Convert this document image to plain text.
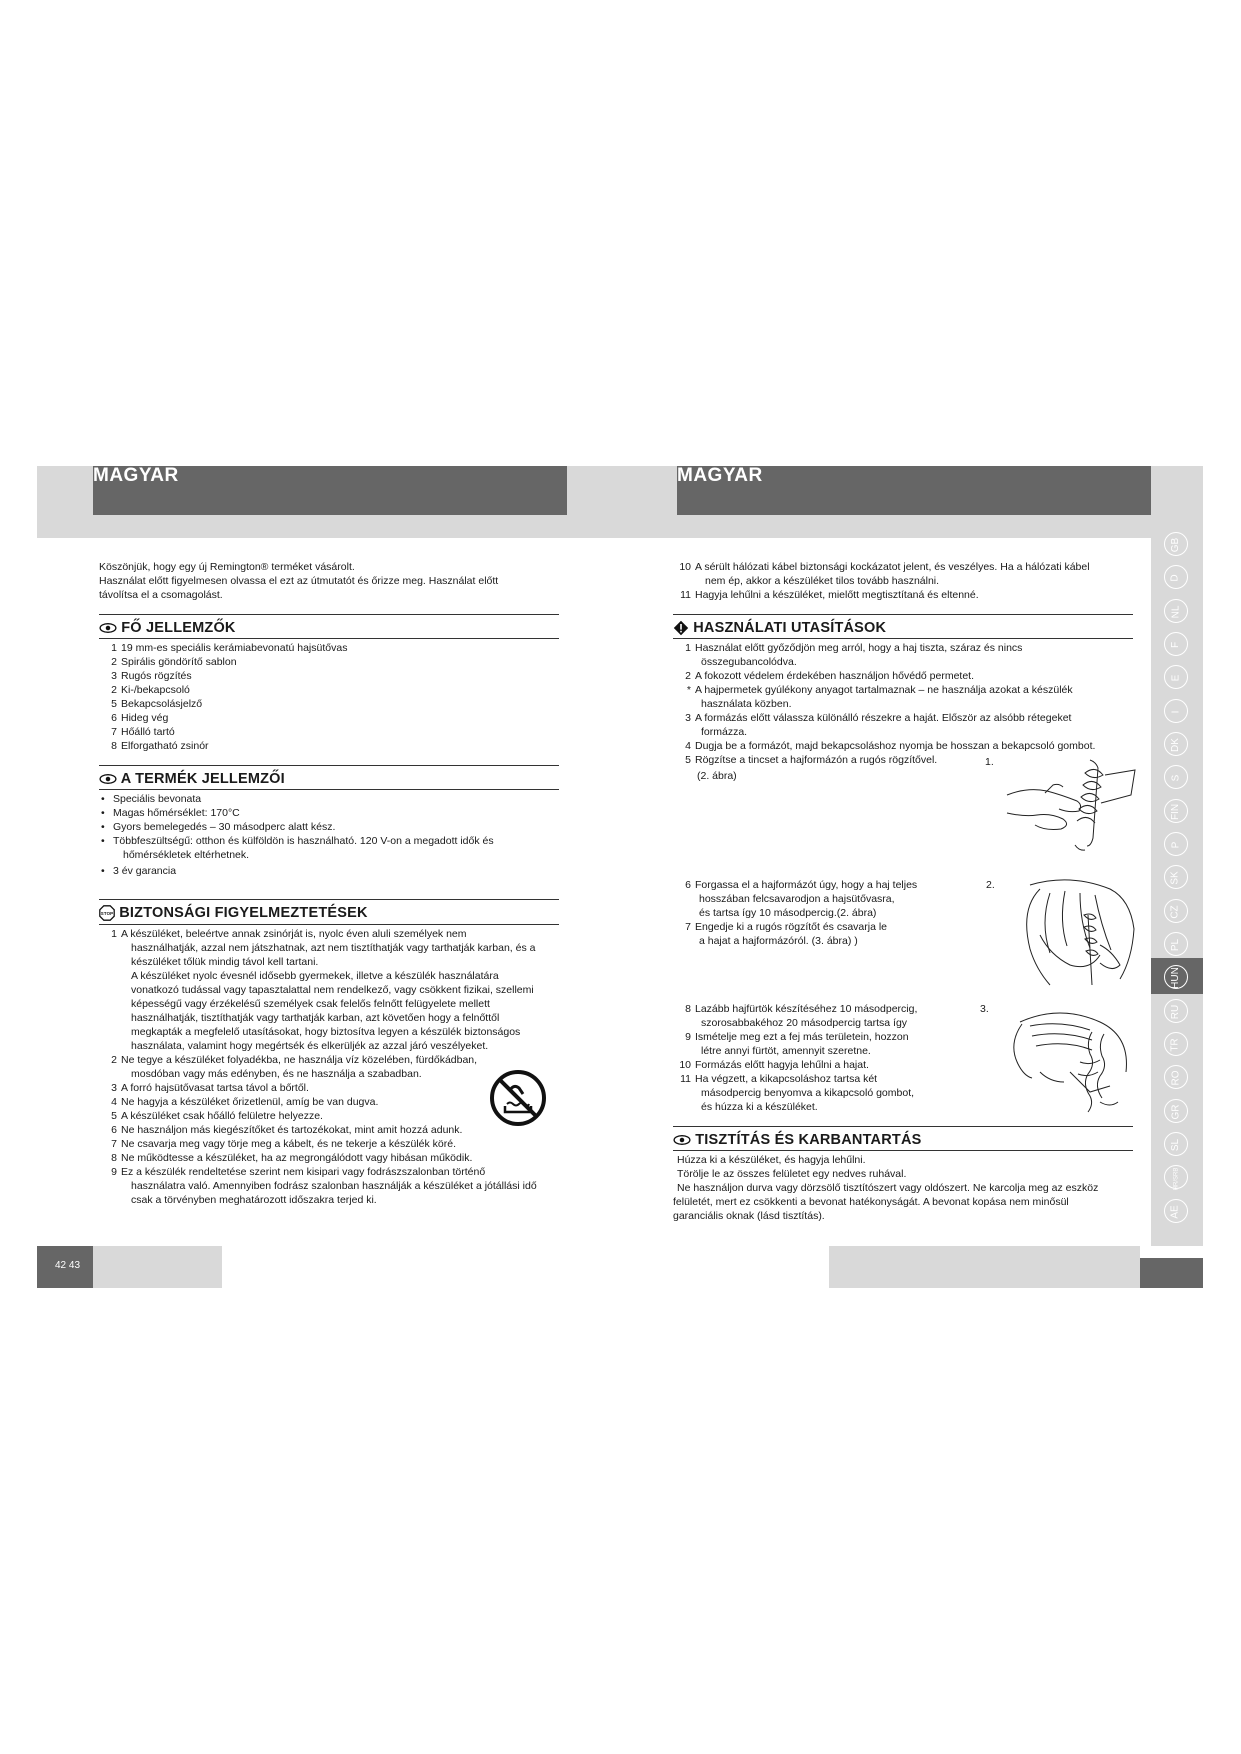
MAGYAR	MAGYAR
42 43
GB
D
NL
F
E
I
DK
S
FIN
P
SK
CZ
PL
HUN
RU
TR
RO
GR
SL
HR/SRB
AE
Köszönjük, hogy egy új Remington® terméket vásárolt.
Használat előtt figyelmesen olvassa el ezt az útmutatót és őrizze meg. Használat előtt
távolítsa el a csomagolást.
FŐ JELLEMZŐK
1 19 mm-es speciális kerámiabevonatú hajsütővas
2 Spirális göndörítő sablon
3 Rugós rögzítés
2 Ki-/bekapcsoló
5 Bekapcsolásjelző
6 Hideg vég
7 Hőálló tartó
8 Elforgatható zsinór
A TERMÉK JELLEMZŐI
• Speciális bevonata
• Magas hőmérséklet: 170°C
• Gyors bemelegedés – 30 másodperc alatt kész.
• Többfeszültségű: otthon és külföldön is használható. 120 V-on a megadott idők és
hőmérsékletek eltérhetnek.
• 3 év garancia
STOP BIZTONSÁGI FIGYELMEZTETÉSEK
1 A készüléket, beleértve annak zsinórját is, nyolc éven aluli személyek nem
használhatják, azzal nem játszhatnak, azt nem tisztíthatják vagy tarthatják karban, és a
készüléket tőlük mindig távol kell tartani.
A készüléket nyolc évesnél idősebb gyermekek, illetve a készülék használatára
vonatkozó tudással vagy tapasztalattal nem rendelkező, vagy csökkent fizikai, szellemi
képességű vagy érzékelésű személyek csak felelős felnőtt felügyelete mellett
használhatják, tisztíthatják vagy tarthatják karban, azt követően hogy a felnőttől
megkapták a megfelelő utasításokat, hogy biztosítva legyen a készülék biztonságos
használata, valamint hogy megértsék és elkerüljék az azzal járó veszélyeket.
2 Ne tegye a készüléket folyadékba, ne használja víz közelében, fürdőkádban,
mosdóban vagy más edényben, és ne használja a szabadban.
3 A forró hajsütővasat tartsa távol a bőrtől.
4 Ne hagyja a készüléket őrizetlenül, amíg be van dugva.
5 A készüléket csak hőálló felületre helyezze.
6 Ne használjon más kiegészítőket és tartozékokat, mint amit hozzá adunk.
7 Ne csavarja meg vagy törje meg a kábelt, és ne tekerje a készülék köré.
8 Ne működtesse a készüléket, ha az megrongálódott vagy hibásan működik.
9 Ez a készülék rendeltetése szerint nem kisipari vagy fodrászszalonban történő
használatra való. Amennyiben fodrász szalonban használják a készüléket a jótállási idő
csak a törvényben meghatározott időszakra terjed ki.
10 A sérült hálózati kábel biztonsági kockázatot jelent, és veszélyes. Ha a hálózati kábel
nem ép, akkor a készüléket tilos tovább használni.
11 Hagyja lehűlni a készüléket, mielőtt megtisztítaná és eltenné.
HASZNÁLATI UTASÍTÁSOK
1 Használat előtt győződjön meg arról, hogy a haj tiszta, száraz és nincs
összegubancolódva.
2 A fokozott védelem érdekében használjon hővédő permetet.
* A hajpermetek gyúlékony anyagot tartalmaznak – ne használja azokat a készülék
használata közben.
3 A formázás előtt válassza különálló részekre a haját. Először az alsóbb rétegeket
formázza.
4 Dugja be a formázót, majd bekapcsoláshoz nyomja be hosszan a bekapcsoló gombot.
5 Rögzítse a tincset a hajformázón a rugós rögzítővel.
(2. ábra)
1.
6 Forgassa el a hajformázót úgy, hogy a haj teljes
hosszában felcsavarodjon a hajsütővasra,
és tartsa így 10 másodpercig.(2. ábra)
7 Engedje ki a rugós rögzítőt és csavarja le
a hajat a hajformázóról. (3. ábra) )
2.
8 Lazább hajfürtök készítéséhez 10 másodpercig,
szorosabbakéhoz 20 másodpercig tartsa így
9 Ismételje meg ezt a fej más területein, hozzon
létre annyi fürtöt, amennyit szeretne.
10 Formázás előtt hagyja lehűlni a hajat.
11 Ha végzett, a kikapcsoláshoz tartsa két
másodpercig benyomva a kikapcsoló gombot,
és húzza ki a készüléket.
3.
TISZTÍTÁS ÉS KARBANTARTÁS
Húzza ki a készüléket, és hagyja lehűlni.
Törölje le az összes felületet egy nedves ruhával.
Ne használjon durva vagy dörzsölő tisztítószert vagy oldószert. Ne karcolja meg az eszköz
felületét, mert ez csökkenti a bevonat hatékonyságát. A bevonat kopása nem minősül
garanciális oknak (lásd tisztítás).
